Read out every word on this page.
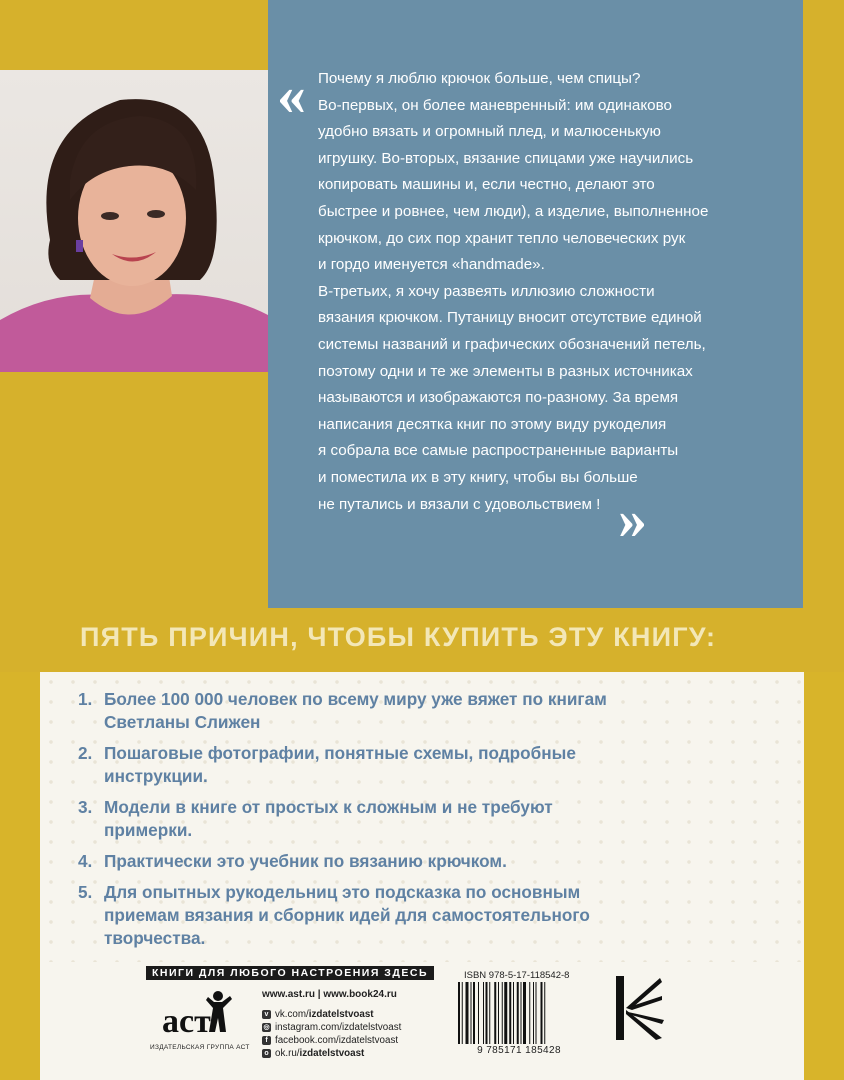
« Почему я люблю крючок больше, чем спицы?
Во-первых, он более маневренный: им одинаково
удобно вязать и огромный плед, и малюсенькую
игрушку. Во-вторых, вязание спицами уже научились
копировать машины и, если честно, делают это
быстрее и ровнее, чем люди), а изделие, выполненное
крючком, до сих пор хранит тепло человеческих рук
и гордо именуется «handmade».
В-третьих, я хочу развеять иллюзию сложности
вязания крючком. Путаницу вносит отсутствие единой
системы названий и графических обозначений петель,
поэтому одни и те же элементы в разных источниках
называются и изображаются по-разному. За время
написания десятка книг по этому виду рукоделия
я собрала все самые распространенные варианты
и поместила их в эту книгу, чтобы вы больше
не путались и вязали с удовольствием ! »
ПЯТЬ ПРИЧИН, ЧТОБЫ КУПИТЬ ЭТУ КНИГУ:
1. Более 100 000 человек по всему миру уже вяжет по книгам
Светланы Слижен
2. Пошаговые фотографии, понятные схемы, подробные
инструкции.
3. Модели в книге от простых к сложным и не требуют
примерки.
4. Практически это учебник по вязанию крючком.
5. Для опытных рукодельниц это подсказка по основным
приемам вязания и сборник идей для самостоятельного
творчества.
КНИГИ ДЛЯ ЛЮБОГО НАСТРОЕНИЯ ЗДЕСЬ
аст
ИЗДАТЕЛЬСКАЯ ГРУППА АСТ
www.ast.ru | www.book24.ru
v vk.com/ izdatelstvoast
◎ instagram.com/izdatelstvoast
f facebook.com/izdatelstvoast
o ok.ru/ izdatelstvoast
ISBN 978-5-17-118542-8
9 785171 185428
